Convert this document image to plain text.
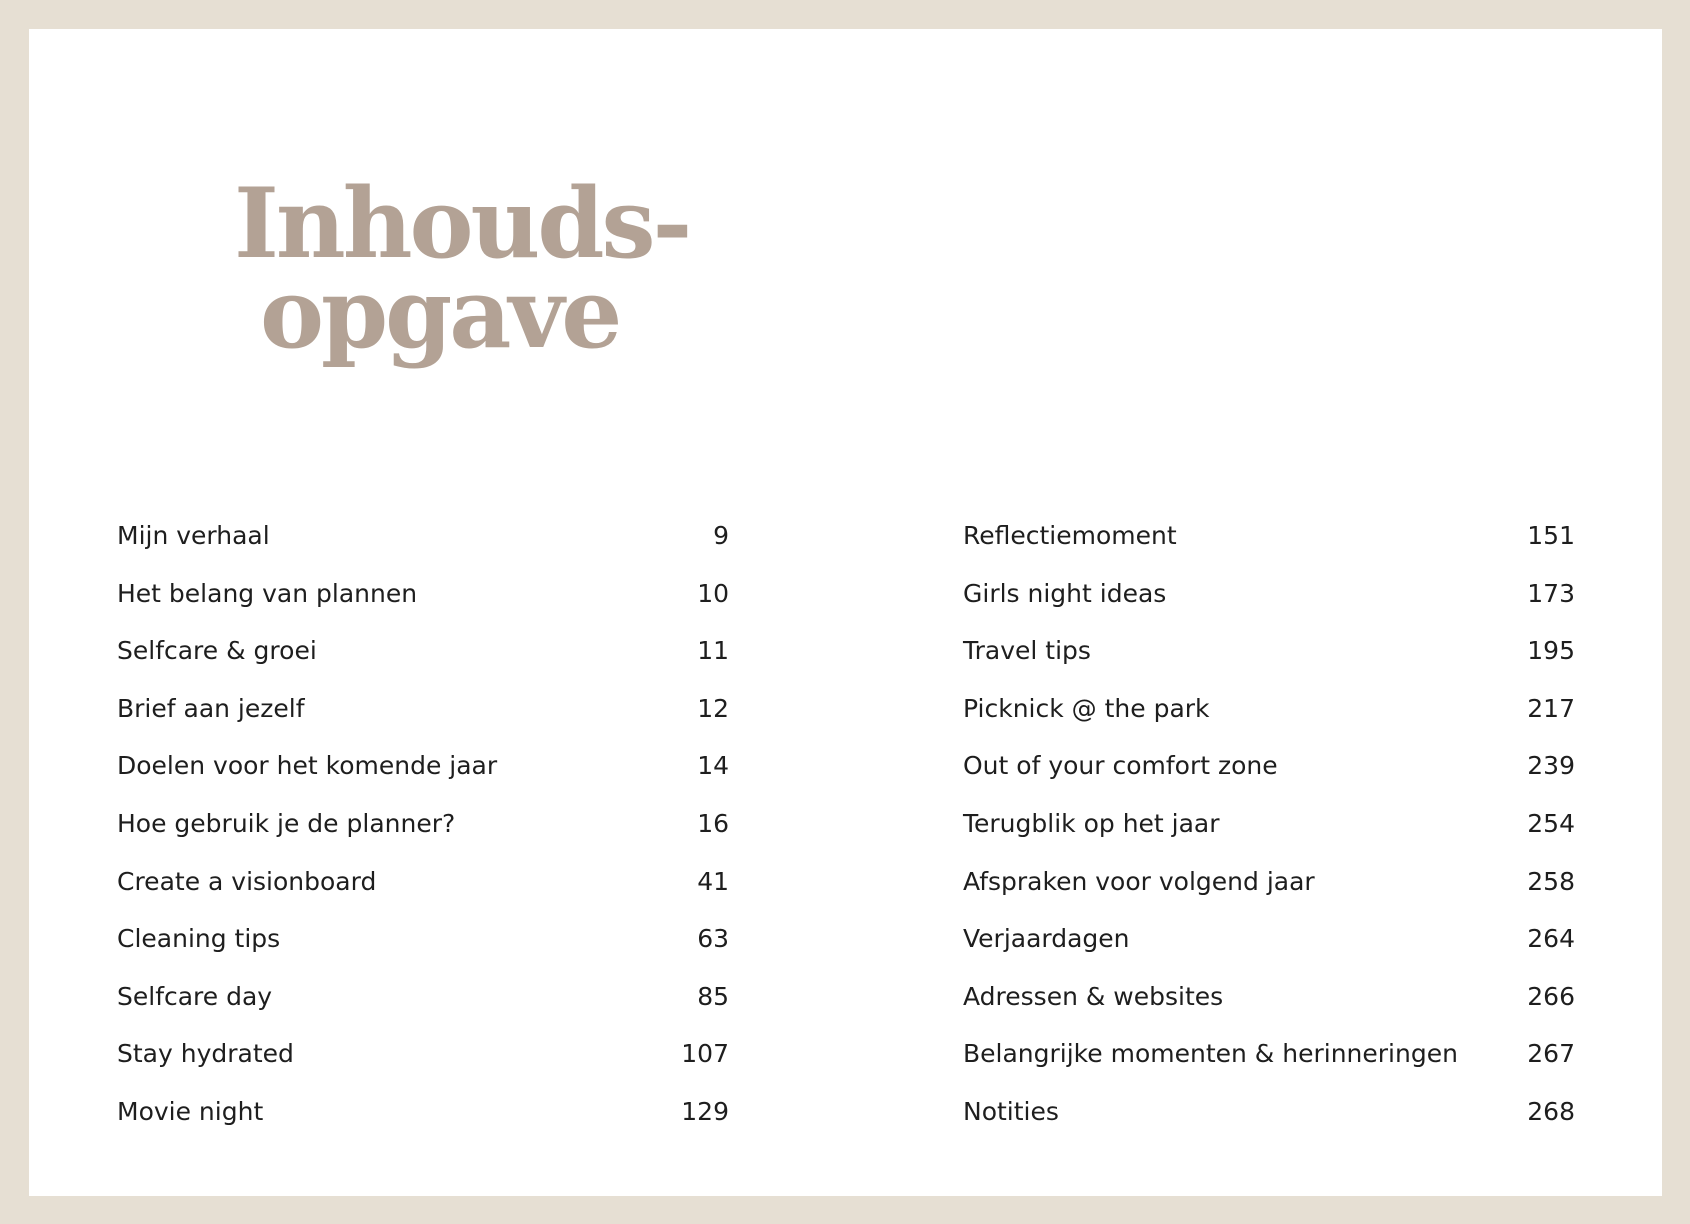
Inhouds-
opgave
Mijn verhaal	9
Het belang van plannen	10
Selfcare & groei	11
Brief aan jezelf	12
Doelen voor het komende jaar	14
Hoe gebruik je de planner?	16
Create a visionboard	41
Cleaning tips	63
Selfcare day	85
Stay hydrated	107
Movie night	129
Reflectiemoment	151
Girls night ideas	173
Travel tips	195
Picknick @ the park	217
Out of your comfort zone	239
Terugblik op het jaar	254
Afspraken voor volgend jaar	258
Verjaardagen	264
Adressen & websites	266
Belangrijke momenten & herinneringen	267
Notities	268
